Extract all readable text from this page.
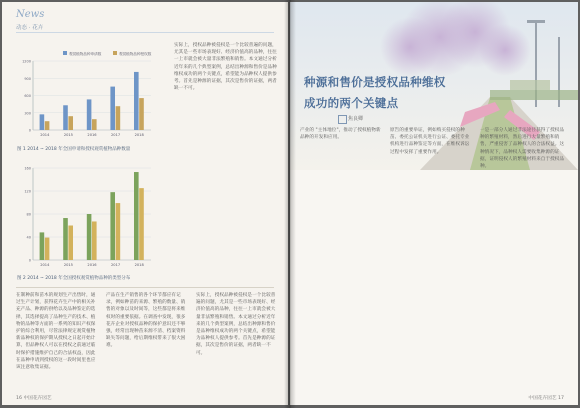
News
动态 · 花卉
0
300
600
900
1200
2014	2015	2016	2017	2018
观赏植物品种申请数	观赏植物品种授权数
图 1 2014 ~ 2018 年全国申请和授权观赏植物品种数量
0
40
80
120
160
2014	2015	2016	2017	2018
图 2 2014 ~ 2018 年全国授权观赏植物品种的类型分布
实际上，授权品种被侵权是一个比较普遍的问题，尤其是一些市场表现好、经济价值高的品种，往往一上市就会被大量非法繁殖和销售。本文通过分析近年来的几个典型案例，总结出种源和售价是品种维权成功的两个关键点，希望能为品种权人提供参考。首先是种源的证据，其次是售价的证据，两者缺一不可。
在制种前和苗木的规划生产出售时，通过生产计划，获得花卉生产中的相关补充产品、种源的供给以及品种鉴定的选择，其选择提高了品种生产的技术、植物的品种等方面的一系列的知识产权保护的综合利用，尽管法律规定观赏植物新品种权的保护期从授权之日起开始计算，但品种权人可以在授权之前通过临时保护措施维护自己的合法权益，因此在品种申请到授权的这一段时间里也应该注意收集证据。
产品在生产销售的各个环节都应有记录，例如种苗的来源、繁殖的数量、销售的对象以及时间等，这些都是将来维权时的重要依据。在调查中发现，很多花卉企业对授权品种的保护意识还不够强，经常出现种苗来源不清、档案资料缺失等问题，给后期维权带来了很大困难。
实际上，授权品种被侵权是一个比较普遍的问题，尤其是一些市场表现好、经济价值高的品种，往往一上市就会被大量非法繁殖和销售。本文通过分析近年来的几个典型案例，总结出种源和售价是品种维权成功的两个关键点，希望能为品种权人提供参考。首先是种源的证据，其次是售价的证据，两者缺一不可。
16 中国花卉园艺
种源和售价是授权品种维权
成功的两个关键点
焦良卿
产业的 "主体地位"，推动了授权植物新品种的开发和应用。
原告的重要举证，例如购买侵权的种苗、委托公证机关进行公证、委托专业机构进行品种鉴定等方面，在维权诉讼过程中发挥了重要作用。
一是一部分人通过非法途径获得了授权品种的繁殖材料，然后进行大量繁殖和销售，严重侵害了品种权人的合法权益。这种情况下，品种权人需要收集种源的证据，证明侵权人的繁殖材料来自于授权品种。
中国花卉园艺 17
